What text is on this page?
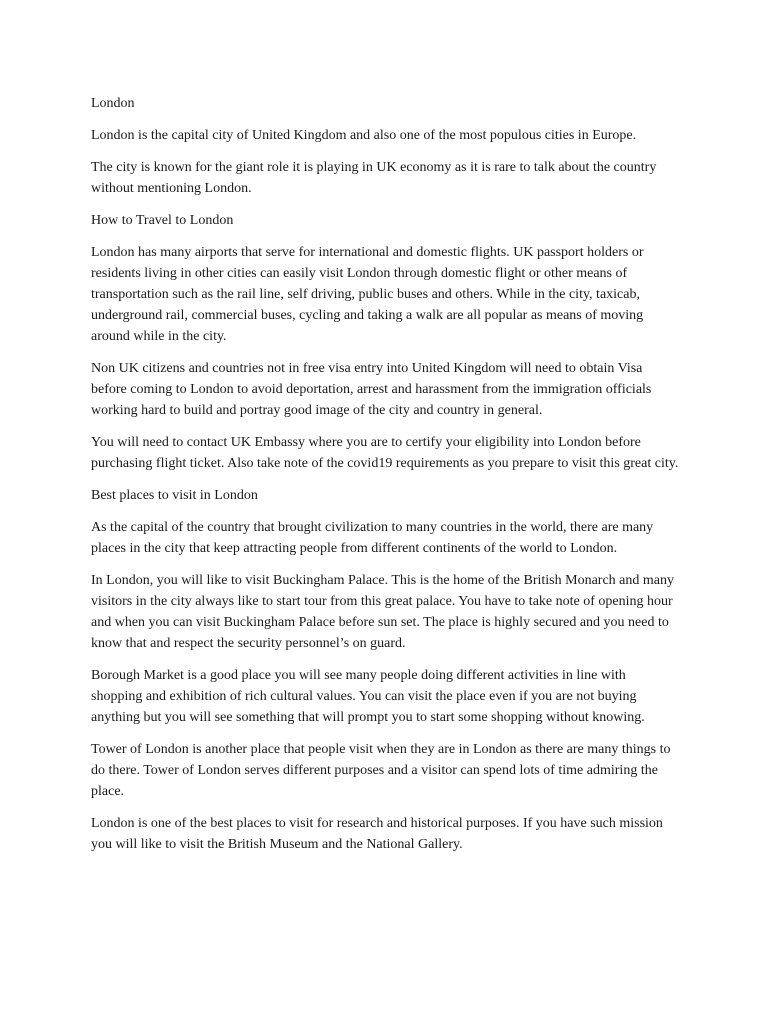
London

London is the capital city of United Kingdom and also one of the most populous cities in Europe.

The city is known for the giant role it is playing in UK economy as it is rare to talk about the country without mentioning London.

How to Travel to London

London has many airports that serve for international and domestic flights. UK passport holders or residents living in other cities can easily visit London through domestic flight or other means of transportation such as the rail line, self driving, public buses and others. While in the city, taxicab, underground rail, commercial buses, cycling and taking a walk are all popular as means of moving around while in the city.

Non UK citizens and countries not in free visa entry into United Kingdom will need to obtain Visa before coming to London to avoid deportation, arrest and harassment from the immigration officials working hard to build and portray good image of the city and country in general.

You will need to contact UK Embassy where you are to certify your eligibility into London before purchasing flight ticket. Also take note of the covid19 requirements as you prepare to visit this great city.

Best places to visit in London

As the capital of the country that brought civilization to many countries in the world, there are many places in the city that keep attracting people from different continents of the world to London.

In London, you will like to visit Buckingham Palace. This is the home of the British Monarch and many visitors in the city always like to start tour from this great palace. You have to take note of opening hour and when you can visit Buckingham Palace before sun set. The place is highly secured and you need to know that and respect the security personnel’s on guard.

Borough Market is a good place you will see many people doing different activities in line with shopping and exhibition of rich cultural values. You can visit the place even if you are not buying anything but you will see something that will prompt you to start some shopping without knowing.

Tower of London is another place that people visit when they are in London as there are many things to do there. Tower of London serves different purposes and a visitor can spend lots of time admiring the place.

London is one of the best places to visit for research and historical purposes. If you have such mission you will like to visit the British Museum and the National Gallery.
